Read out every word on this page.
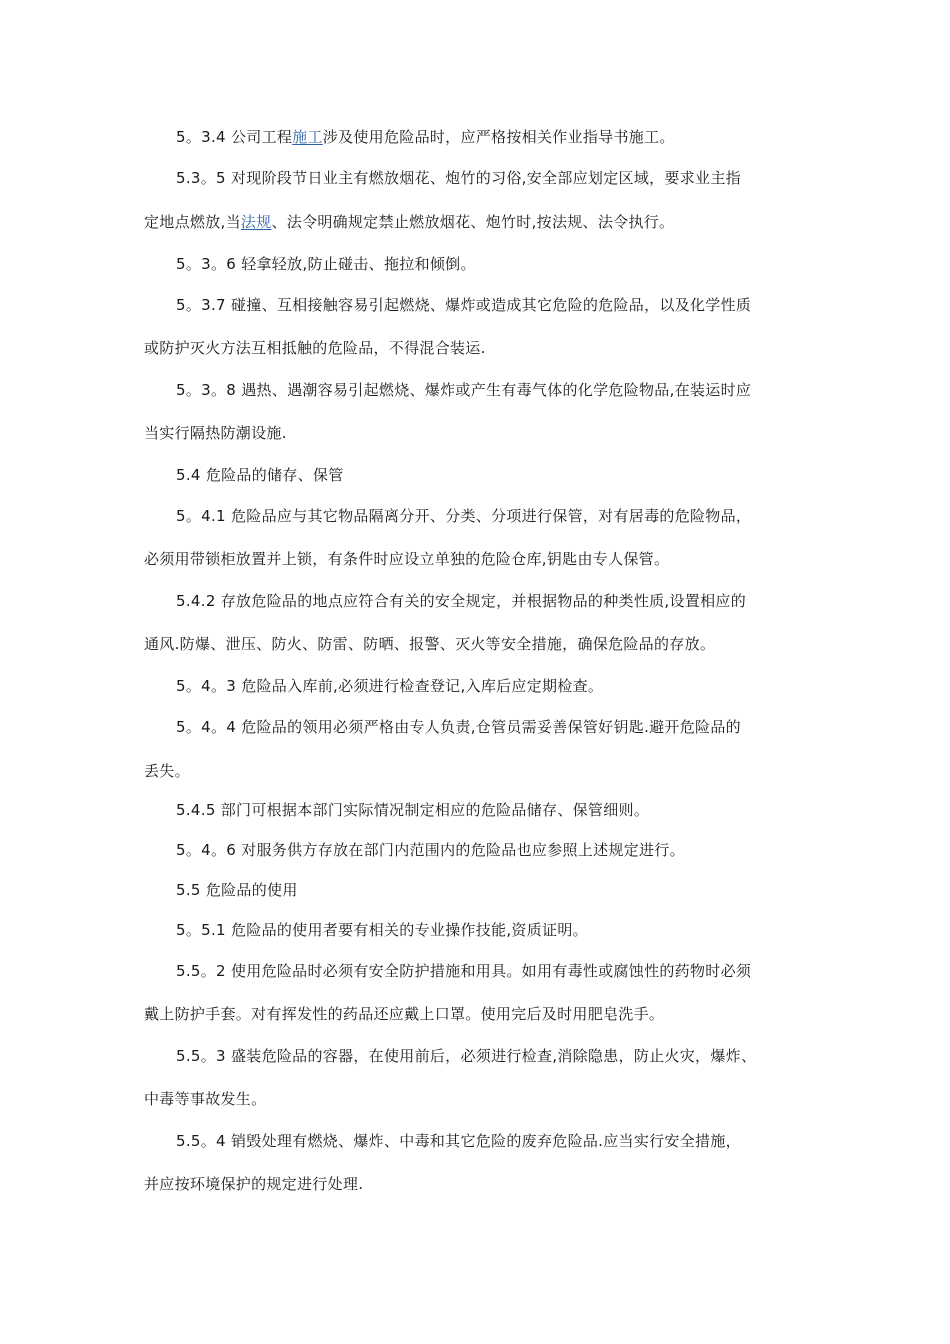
5。3.4 公司工程施工涉及使用危险品时，应严格按相关作业指导书施工。
5.3。5 对现阶段节日业主有燃放烟花、炮竹的习俗,安全部应划定区域，要求业主指
定地点燃放,当法规、法令明确规定禁止燃放烟花、炮竹时,按法规、法令执行。
5。3。6 轻拿轻放,防止碰击、拖拉和倾倒。
5。3.7 碰撞、互相接触容易引起燃烧、爆炸或造成其它危险的危险品，以及化学性质
或防护灭火方法互相抵触的危险品，不得混合装运.
5。3。8 遇热、遇潮容易引起燃烧、爆炸或产生有毒气体的化学危险物品,在装运时应
当实行隔热防潮设施.
5.4 危险品的储存、保管
5。4.1 危险品应与其它物品隔离分开、分类、分项进行保管，对有居毒的危险物品，
必须用带锁柜放置并上锁，有条件时应设立单独的危险仓库,钥匙由专人保管。
5.4.2 存放危险品的地点应符合有关的安全规定，并根据物品的种类性质,设置相应的
通风.防爆、泄压、防火、防雷、防晒、报警、灭火等安全措施，确保危险品的存放。
5。4。3 危险品入库前,必须进行检查登记,入库后应定期检查。
5。4。4 危险品的领用必须严格由专人负责,仓管员需妥善保管好钥匙.避开危险品的
丢失。
5.4.5 部门可根据本部门实际情况制定相应的危险品储存、保管细则。
5。4。6 对服务供方存放在部门内范围内的危险品也应参照上述规定进行。
5.5 危险品的使用
5。5.1 危险品的使用者要有相关的专业操作技能,资质证明。
5.5。2 使用危险品时必须有安全防护措施和用具。如用有毒性或腐蚀性的药物时必须
戴上防护手套。对有挥发性的药品还应戴上口罩。使用完后及时用肥皂洗手。
5.5。3 盛装危险品的容器，在使用前后，必须进行检查,消除隐患，防止火灾，爆炸、
中毒等事故发生。
5.5。4 销毁处理有燃烧、爆炸、中毒和其它危险的废弃危险品.应当实行安全措施，
并应按环境保护的规定进行处理.
